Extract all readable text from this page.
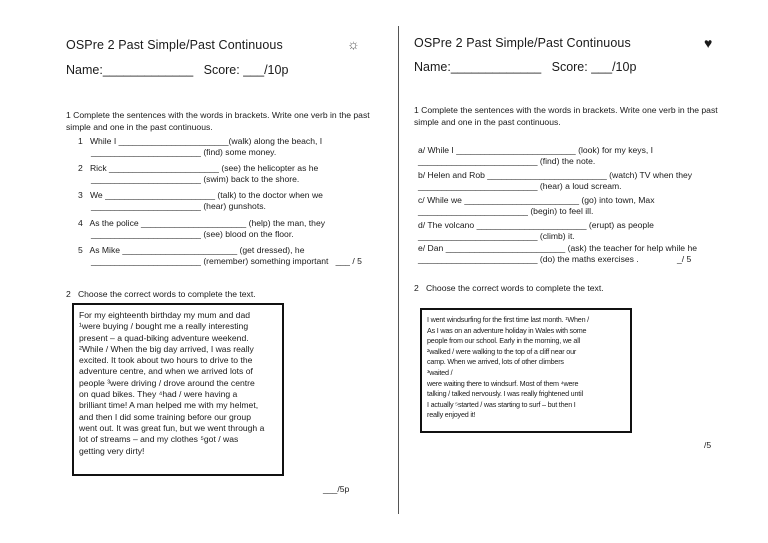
OSPre 2 Past Simple/Past Continuous	☼
Name:_____________   Score: ___/10p
1 Complete the sentences with the words in brackets. Write one verb in the past simple and one in the past continuous.
1   While I _______________________(walk) along the beach, I
_______________________ (find) some money.
2   Rick _______________________ (see) the helicopter as he
_______________________ (swim) back to the shore.
3   We _______________________ (talk) to the doctor when we
_______________________ (hear) gunshots.
4   As the police ______________________ (help) the man, they
_______________________ (see) blood on the floor.
5   As Mike ________________________ (get dressed), he
_______________________ (remember) something important   ___ / 5
2   Choose the correct words to complete the text.

For my eighteenth birthday my mum and dad

¹were buying / bought me a really interesting

present – a quad-biking adventure weekend.

²While / When the big day arrived, I was really

excited. It took about two hours to drive to the

adventure centre, and when we arrived lots of

people ³were driving / drove around the centre

on quad bikes. They ⁴had / were having a

brilliant time! A man helped me with my helmet,

and then I did some training before our group

went out. It was great fun, but we went through a

lot of streams – and my clothes ⁵got / was

getting very dirty!

___/5p
OSPre 2 Past Simple/Past Continuous	♥
Name:_____________   Score: ___/10p
1 Complete the sentences with the words in brackets. Write one verb in the past simple and one in the past continuous.
a/ While I _________________________ (look) for my keys, I
_________________________ (find) the note.
b/ Helen and Rob _________________________ (watch) TV when they
_________________________ (hear) a loud scream.
c/ While we ________________________ (go) into town, Max
_______________________ (begin) to feel ill.
d/ The volcano _______________________ (erupt) as people
_________________________ (climb) it.
e/ Dan _________________________ (ask) the teacher for help while he
_________________________ (do) the maths exercises .                _/ 5
2   Choose the correct words to complete the text.

I went windsurfing for the first time last month. ¹When /

As I was on an adventure holiday in Wales with some

people from our school. Early in the morning, we all

²walked / were walking to the top of a cliff near our

camp. When we arrived, lots of other climbers

³waited /

were waiting there to windsurf. Most of them ⁴were

talking / talked nervously. I was really frightened until

I actually ⁵started / was starting to surf – but then I

really enjoyed it!

/5
